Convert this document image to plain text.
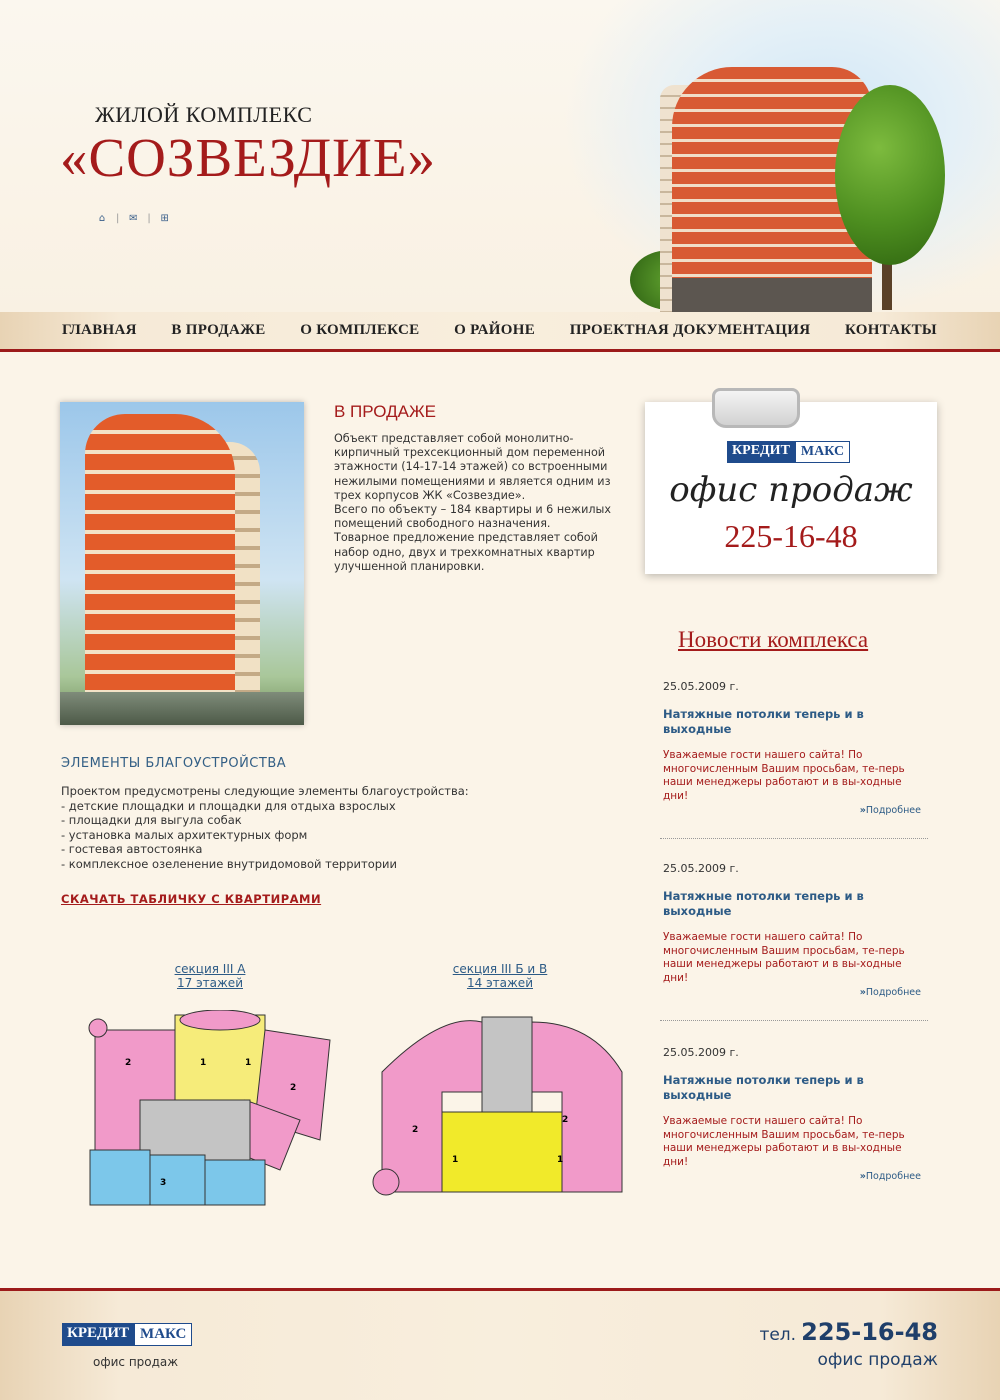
ЖИЛОЙ КОМПЛЕКС
«СОЗВЕЗДИЕ»
⌂ | ✉ | ⊞
ГЛАВНАЯ В ПРОДАЖЕ О КОМПЛЕКСЕ О РАЙОНЕ ПРОЕКТНАЯ ДОКУМЕНТАЦИЯ КОНТАКТЫ
В ПРОДАЖЕ

Объект представляет собой монолитно-кирпичный трехсекционный дом переменной этажности (14-17-14 этажей) со встроенными нежилыми помещениями и является одним из трех корпусов ЖК «Созвездие».

Всего по объекту – 184 квартиры и 6 нежилых помещений свободного назначения.

Товарное предложение представляет собой набор одно, двух и трехкомнатных квартир улучшенной планировки.

ЭЛЕМЕНТЫ БЛАГОУСТРОЙСТВА
Проектом предусмотрены следующие элементы благоустройства:
- детские площадки и площадки для отдыха взрослых
- площадки для выгула собак
- установка малых архитектурных форм
- гостевая автостоянка
- комплексное озеленение внутридомовой территории
СКАЧАТЬ ТАБЛИЧКУ С КВАРТИРАМИ
секция III А
17 этажей
секция III Б и В
14 этажей
2	1	1
2
3
2
1	1
2
КРЕДИТ МАКС
офис продаж
225-16-48
Новости комплекса
25.05.2009 г.
Натяжные потолки теперь и в выходные
Уважаемые гости нашего сайта! По многочисленным Вашим просьбам, те-перь наши менеджеры работают и в вы-ходные дни!
»Подробнее
25.05.2009 г.
Натяжные потолки теперь и в выходные
Уважаемые гости нашего сайта! По многочисленным Вашим просьбам, те-перь наши менеджеры работают и в вы-ходные дни!
»Подробнее
25.05.2009 г.
Натяжные потолки теперь и в выходные
Уважаемые гости нашего сайта! По многочисленным Вашим просьбам, те-перь наши менеджеры работают и в вы-ходные дни!
»Подробнее
КРЕДИТ МАКС
офис продаж
тел. 225-16-48
офис продаж
